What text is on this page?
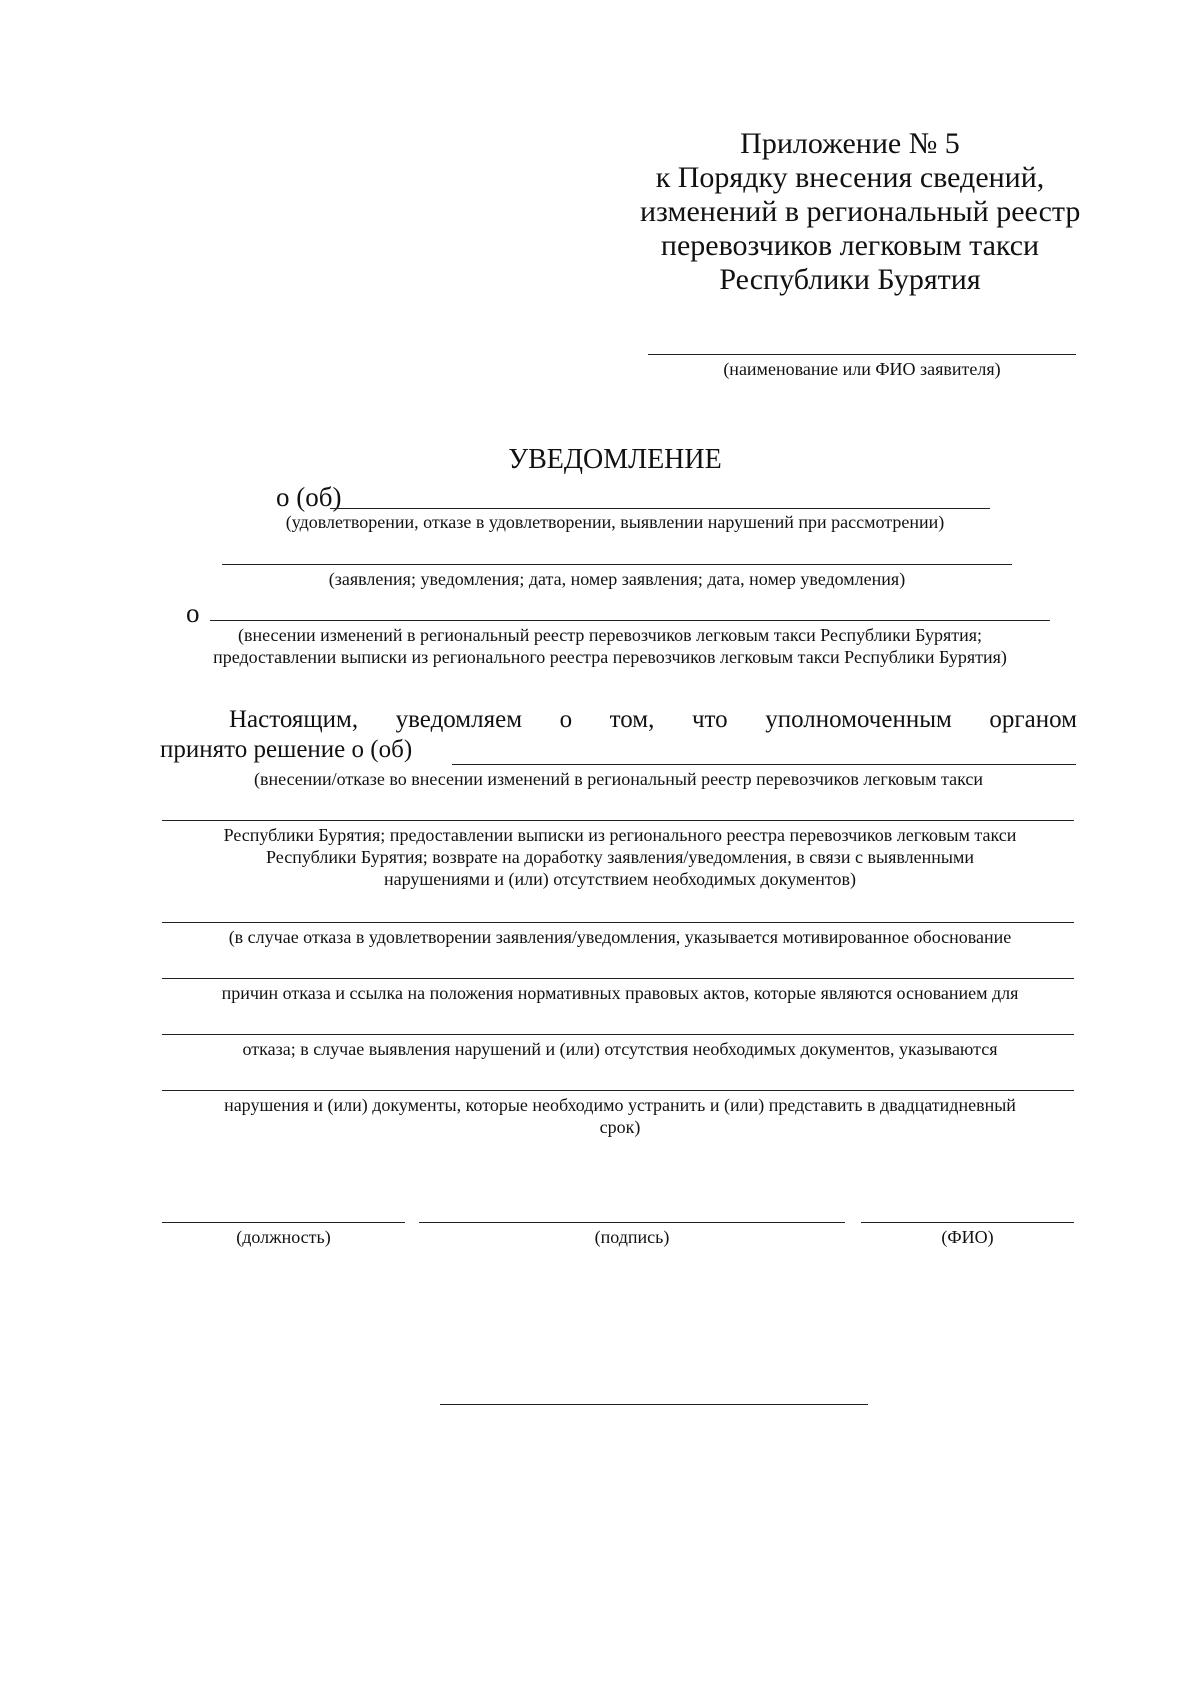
Приложение № 5
к Порядку внесения сведений,
изменений в региональный реестр
перевозчиков легковым такси
Республики Бурятия
(наименование или ФИО заявителя)
УВЕДОМЛЕНИЕ
о (об)
(удовлетворении, отказе в удовлетворении, выявлении нарушений при рассмотрении)
(заявления; уведомления; дата, номер заявления; дата, номер уведомления)
о
(внесении изменений в региональный реестр перевозчиков легковым такси Республики Бурятия;
предоставлении выписки из регионального реестра перевозчиков легковым такси Республики Бурятия)
Настоящим, уведомляем о том, что уполномоченным органом
принято решение о (об)
(внесении/отказе во внесении изменений в региональный реестр перевозчиков легковым такси
Республики Бурятия; предоставлении выписки из регионального реестра перевозчиков легковым такси
Республики Бурятия; возврате на доработку заявления/уведомления, в связи с выявленными
нарушениями и (или) отсутствием необходимых документов)
(в случае отказа в удовлетворении заявления/уведомления, указывается мотивированное обоснование
причин отказа и ссылка на положения нормативных правовых актов, которые являются основанием для
отказа; в случае выявления нарушений и (или) отсутствия необходимых документов, указываются
нарушения и (или) документы, которые необходимо устранить и (или) представить в двадцатидневный
срок)
(должность)	(подпись)	(ФИО)
